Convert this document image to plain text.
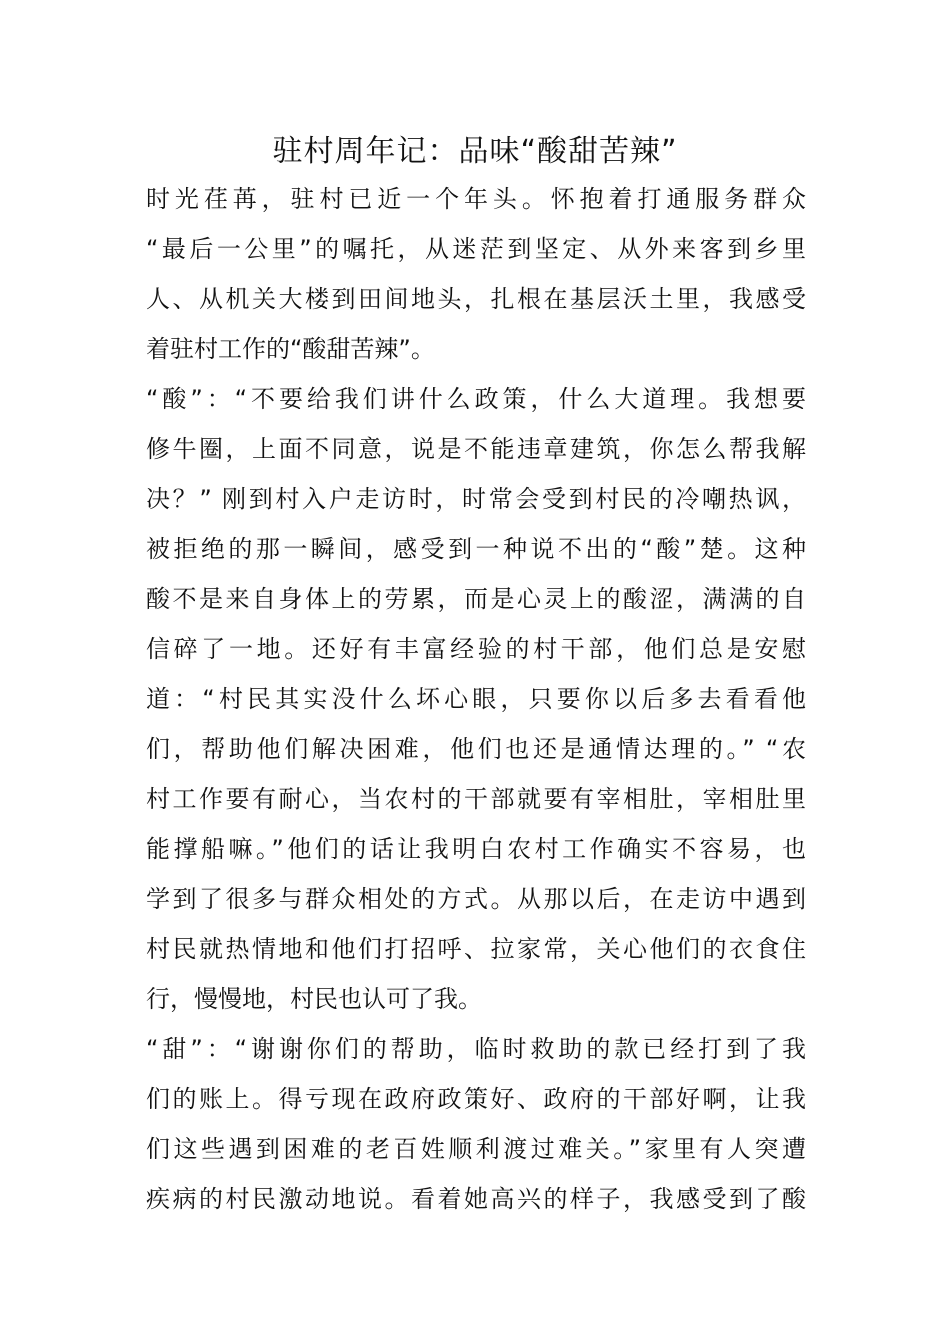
驻村周年记：品味“酸甜苦辣”

时光荏苒，驻村已近一个年头。怀抱着打通服务群众

“最后一公里”的嘱托，从迷茫到坚定、从外来客到乡里

人、从机关大楼到田间地头，扎根在基层沃土里，我感受

着驻村工作的“酸甜苦辣”。

“酸”：“不要给我们讲什么政策，什么大道理。我想要

修牛圈，上面不同意，说是不能违章建筑，你怎么帮我解

决？” 刚到村入户走访时，时常会受到村民的冷嘲热讽，

被拒绝的那一瞬间，感受到一种说不出的“酸”楚。这种

酸不是来自身体上的劳累，而是心灵上的酸涩，满满的自

信碎了一地。还好有丰富经验的村干部，他们总是安慰

道：“村民其实没什么坏心眼，只要你以后多去看看他

们，帮助他们解决困难，他们也还是通情达理的。” “农

村工作要有耐心，当农村的干部就要有宰相肚，宰相肚里

能撑船嘛。”他们的话让我明白农村工作确实不容易，也

学到了很多与群众相处的方式。从那以后，在走访中遇到

村民就热情地和他们打招呼、拉家常，关心他们的衣食住

行，慢慢地，村民也认可了我。

“甜”：“谢谢你们的帮助，临时救助的款已经打到了我

们的账上。得亏现在政府政策好、政府的干部好啊，让我

们这些遇到困难的老百姓顺利渡过难关。”家里有人突遭

疾病的村民激动地说。看着她高兴的样子，我感受到了酸
